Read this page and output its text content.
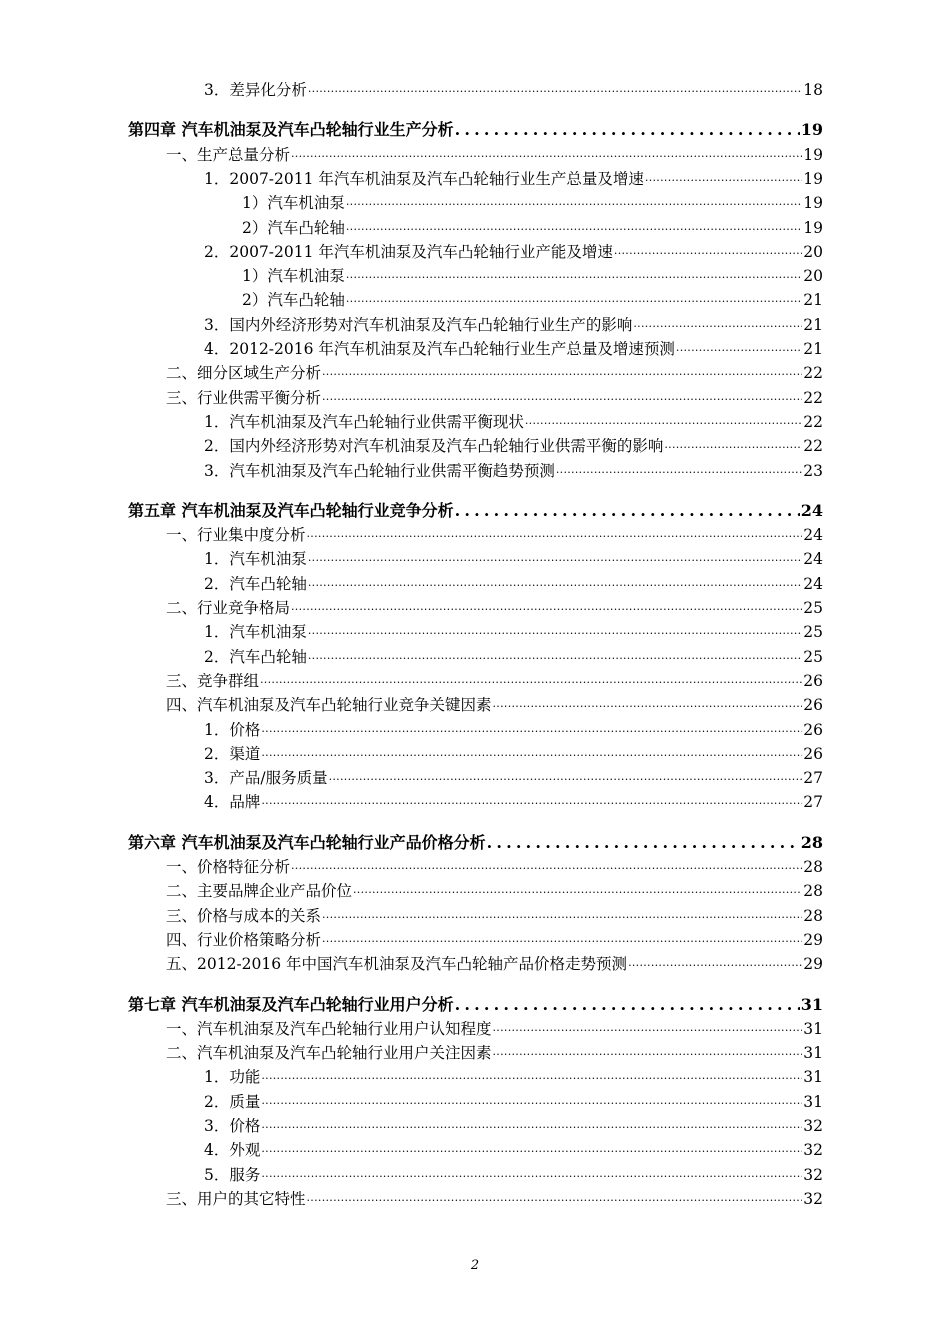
3．差异化分析 .....	18
第四章 汽车机油泵及汽车凸轮轴行业生产分析 .....	19
一、生产总量分析 .....	19
1．2007-2011 年汽车机油泵及汽车凸轮轴行业生产总量及增速 .....	19
1）汽车机油泵 .....	19
2）汽车凸轮轴 .....	19
2．2007-2011 年汽车机油泵及汽车凸轮轴行业产能及增速 .....	20
1）汽车机油泵 .....	20
2）汽车凸轮轴 .....	21
3．国内外经济形势对汽车机油泵及汽车凸轮轴行业生产的影响 .....	21
4．2012-2016 年汽车机油泵及汽车凸轮轴行业生产总量及增速预测 .....	21
二、细分区域生产分析 .....	22
三、行业供需平衡分析 .....	22
1．汽车机油泵及汽车凸轮轴行业供需平衡现状 .....	22
2．国内外经济形势对汽车机油泵及汽车凸轮轴行业供需平衡的影响 .....	22
3．汽车机油泵及汽车凸轮轴行业供需平衡趋势预测 .....	23
第五章 汽车机油泵及汽车凸轮轴行业竞争分析 .....	24
一、行业集中度分析 .....	24
1．汽车机油泵 .....	24
2．汽车凸轮轴 .....	24
二、行业竞争格局 .....	25
1．汽车机油泵 .....	25
2．汽车凸轮轴 .....	25
三、竞争群组 .....	26
四、汽车机油泵及汽车凸轮轴行业竞争关键因素 .....	26
1．价格 .....	26
2．渠道 .....	26
3．产品/服务质量 .....	27
4．品牌 .....	27
第六章 汽车机油泵及汽车凸轮轴行业产品价格分析 .....	28
一、价格特征分析 .....	28
二、主要品牌企业产品价位 .....	28
三、价格与成本的关系 .....	28
四、行业价格策略分析 .....	29
五、2012-2016 年中国汽车机油泵及汽车凸轮轴产品价格走势预测 .....	29
第七章 汽车机油泵及汽车凸轮轴行业用户分析 .....	31
一、汽车机油泵及汽车凸轮轴行业用户认知程度 .....	31
二、汽车机油泵及汽车凸轮轴行业用户关注因素 .....	31
1．功能 .....	31
2．质量 .....	31
3．价格 .....	32
4．外观 .....	32
5．服务 .....	32
三、用户的其它特性 .....	32
2
